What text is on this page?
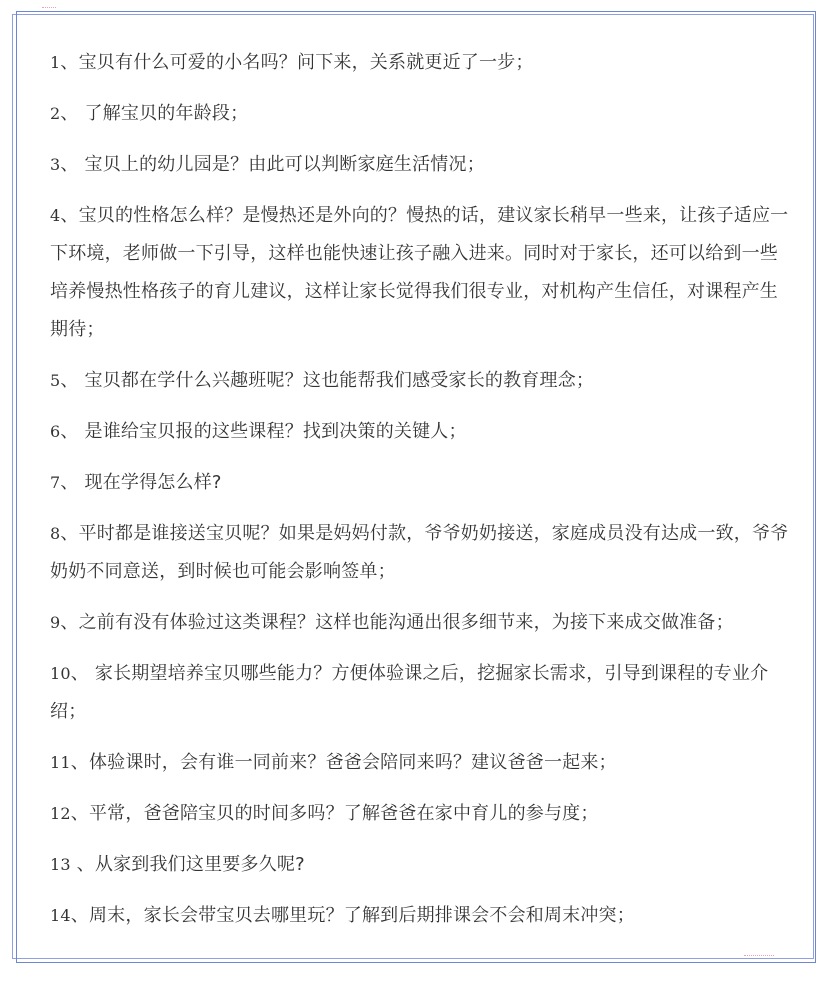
1、宝贝有什么可爱的小名吗？问下来，关系就更近了一步；
2、 了解宝贝的年龄段；
3、 宝贝上的幼儿园是？由此可以判断家庭生活情况；
4、宝贝的性格怎么样？是慢热还是外向的？慢热的话，建议家长稍早一些来，让孩子适应一下环境，老师做一下引导，这样也能快速让孩子融入进来。同时对于家长，还可以给到一些培养慢热性格孩子的育儿建议，这样让家长觉得我们很专业，对机构产生信任，对课程产生期待；
5、 宝贝都在学什么兴趣班呢？这也能帮我们感受家长的教育理念；
6、 是谁给宝贝报的这些课程？找到决策的关键人；
7、 现在学得怎么样?
8、平时都是谁接送宝贝呢？如果是妈妈付款，爷爷奶奶接送，家庭成员没有达成一致，爷爷奶奶不同意送，到时候也可能会影响签单；
9、之前有没有体验过这类课程？这样也能沟通出很多细节来，为接下来成交做准备；
10、 家长期望培养宝贝哪些能力？方便体验课之后，挖掘家长需求，引导到课程的专业介绍；
11、体验课时，会有谁一同前来？爸爸会陪同来吗？建议爸爸一起来；
12、平常，爸爸陪宝贝的时间多吗？了解爸爸在家中育儿的参与度；
13 、从家到我们这里要多久呢?
14、周末，家长会带宝贝去哪里玩？了解到后期排课会不会和周末冲突；
